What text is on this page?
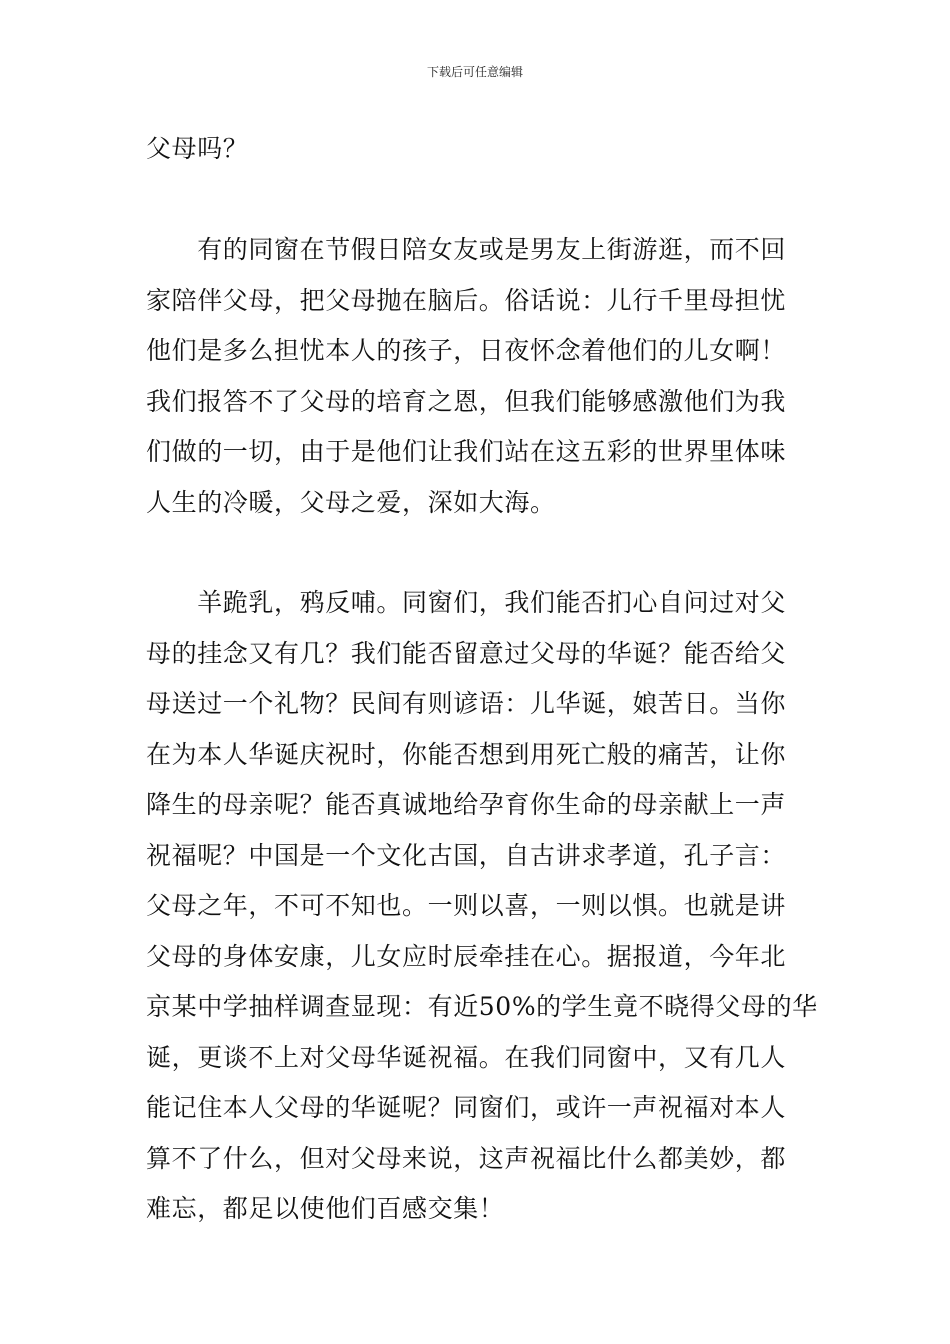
下载后可任意编辑
父母吗？
　　有的同窗在节假日陪女友或是男友上街游逛，而不回
家陪伴父母，把父母抛在脑后。俗话说：儿行千里母担忧
他们是多么担忧本人的孩子，日夜怀念着他们的儿女啊！
我们报答不了父母的培育之恩，但我们能够感激他们为我
们做的一切，由于是他们让我们站在这五彩的世界里体味
人生的冷暖，父母之爱，深如大海。
　　羊跪乳，鸦反哺。同窗们，我们能否扪心自问过对父
母的挂念又有几？我们能否留意过父母的华诞？能否给父
母送过一个礼物？民间有则谚语：儿华诞，娘苦日。当你
在为本人华诞庆祝时，你能否想到用死亡般的痛苦，让你
降生的母亲呢？能否真诚地给孕育你生命的母亲献上一声
祝福呢？中国是一个文化古国，自古讲求孝道，孔子言：
父母之年，不可不知也。一则以喜，一则以惧。也就是讲
父母的身体安康，儿女应时辰牵挂在心。据报道，今年北
京某中学抽样调查显现：有近50%的学生竟不晓得父母的华
诞，更谈不上对父母华诞祝福。在我们同窗中，又有几人
能记住本人父母的华诞呢？同窗们，或许一声祝福对本人
算不了什么，但对父母来说，这声祝福比什么都美妙，都
难忘，都足以使他们百感交集！
